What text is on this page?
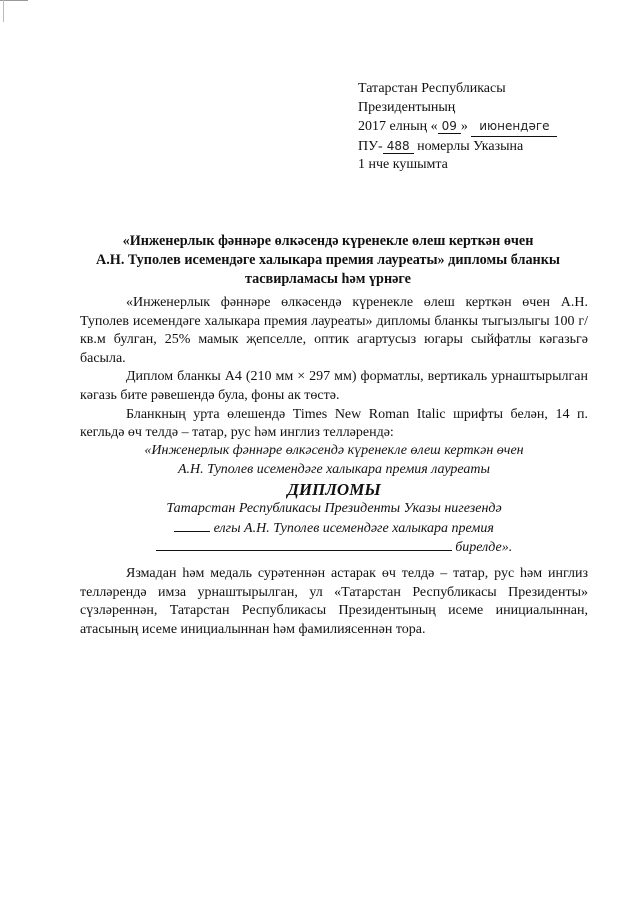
Татарстан Республикасы
Президентының
2017 елның « 09 » июнендәге
ПУ- 488 номерлы Указына
1 нче кушымта
«Инженерлык фәннәре өлкәсендә күренекле өлеш керткән өчен
А.Н. Туполев исемендәге халыкара премия лауреаты» дипломы бланкы
тасвирламасы һәм үрнәге

«Инженерлык фәннәре өлкәсендә күренекле өлеш керткән өчен А.Н. Туполев исемендәге халыкара премия лауреаты» дипломы бланкы тыгызлыгы 100 г/кв.м булган, 25% мамык җепселле, оптик агартусыз югары сыйфатлы кәгазьгә басыла.

Диплом бланкы А4 (210 мм × 297 мм) форматлы, вертикаль урнаштырылган кәгазь бите рәвешендә була, фоны ак төстә.

Бланкның урта өлешендә Times New Roman Italic шрифты белән, 14 п. кегльдә өч телдә – татар, рус һәм инглиз телләрендә:

«Инженерлык фәннәре өлкәсендә күренекле өлеш керткән өчен
А.Н. Туполев исемендәге халыкара премия лауреаты
ДИПЛОМЫ
Татарстан Республикасы Президенты Указы нигезендә
елгы А.Н. Туполев исемендәге халыкара премия
бирелде».

Язмадан һәм медаль сурәтеннән астарак өч телдә – татар, рус һәм инглиз телләрендә имза урнаштырылган, ул «Татарстан Республикасы Президенты» сүзләреннән, Татарстан Республикасы Президентының исеме инициалыннан, атасының исеме инициалыннан һәм фамилиясеннән тора.
